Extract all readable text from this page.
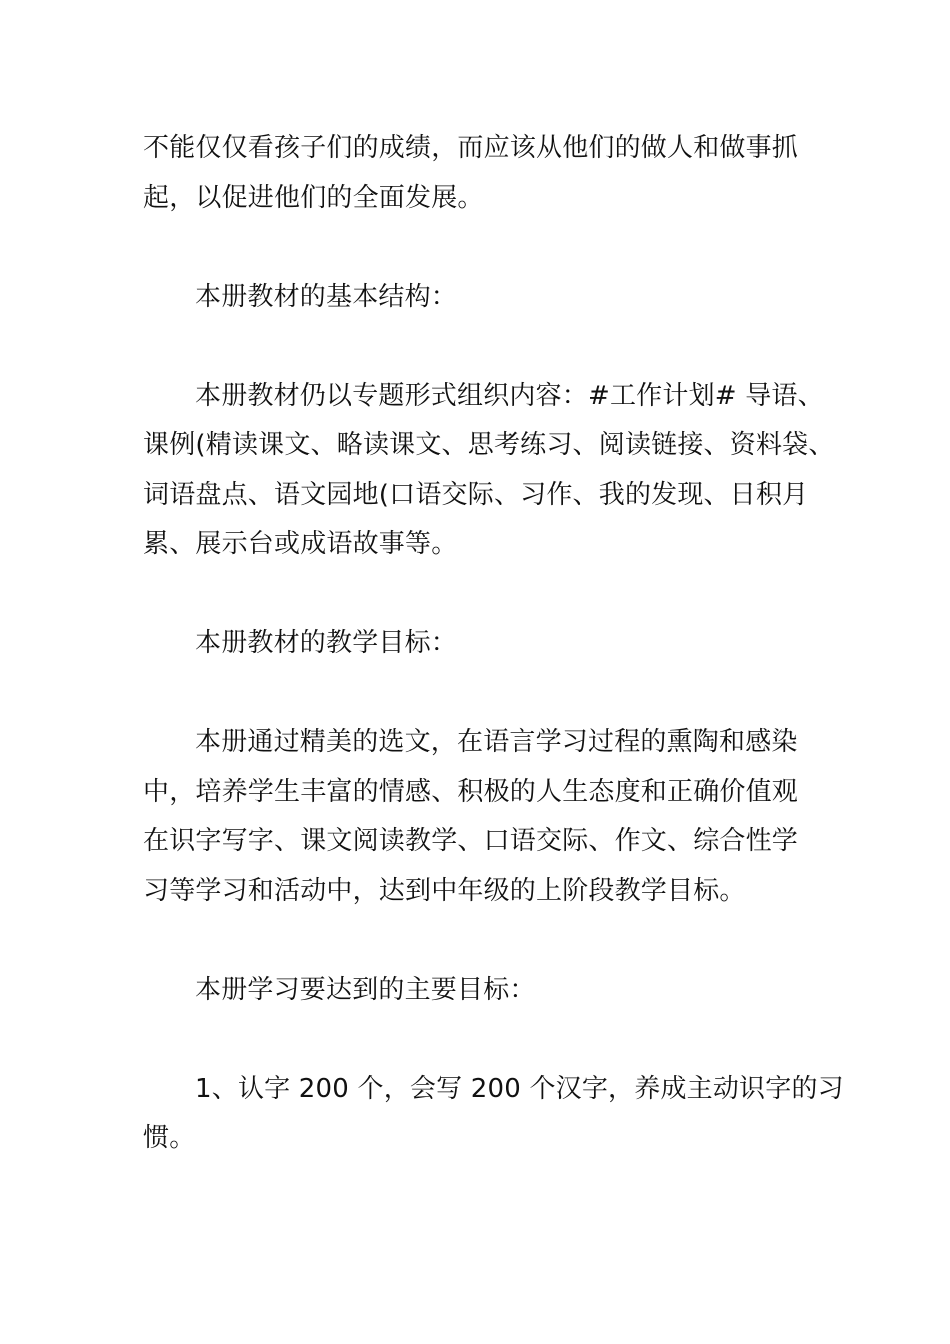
不能仅仅看孩子们的成绩，而应该从他们的做人和做事抓
起，以促进他们的全面发展。

本册教材的基本结构：

本册教材仍以专题形式组织内容：#工作计划# 导语、
课例(精读课文、略读课文、思考练习、阅读链接、资料袋、
词语盘点、语文园地(口语交际、习作、我的发现、日积月
累、展示台或成语故事等。

本册教材的教学目标：

本册通过精美的选文，在语言学习过程的熏陶和感染
中，培养学生丰富的情感、积极的人生态度和正确价值观
在识字写字、课文阅读教学、口语交际、作文、综合性学
习等学习和活动中，达到中年级的上阶段教学目标。

本册学习要达到的主要目标：

1、认字 200 个，会写 200 个汉字，养成主动识字的习
惯。
